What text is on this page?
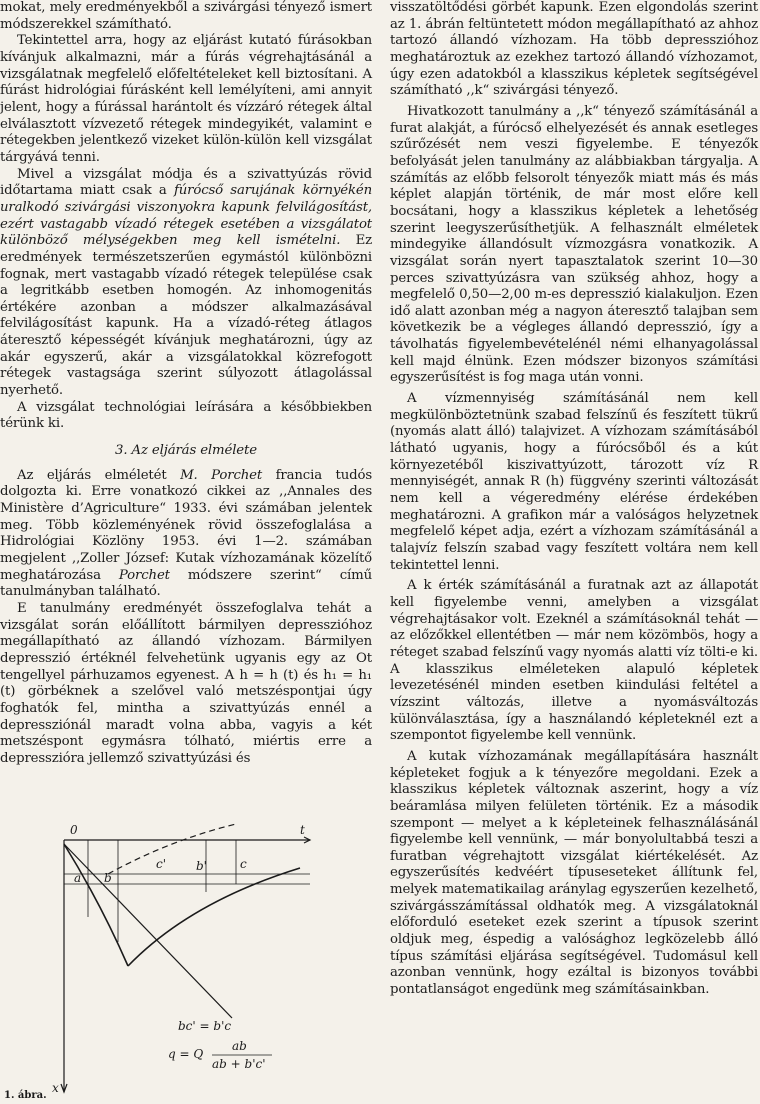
mokat, mely eredményekből a szivárgási tényező ismert módszerekkel számítható.

Tekintettel arra, hogy az eljárást kutató fúrásokban kívánjuk alkalmazni, már a fúrás végrehajtásánál a vizsgálatnak megfelelő előfeltételeket kell biztosítani. A fúrást hidrológiai fúrásként kell lemélyíteni, ami annyit jelent, hogy a fúrással harántolt és vízzáró rétegek által elválasztott vízvezető rétegek mindegyikét, valamint e rétegekben jelentkező vizeket külön-külön kell vizsgálat tárgyává tenni.

Mivel a vizsgálat módja és a szivattyúzás rövid időtartama miatt csak a fúrócső sarujának környékén uralkodó szivárgási viszonyokra kapunk felvilágosítást, ezért vastagabb vízadó rétegek esetében a vizsgálatot különböző mélységekben meg kell ismételni. Ez eredmények természetszerűen egymástól különbözni fognak, mert vastagabb vízadó rétegek települése csak a legritkább esetben homogén. Az inhomogenitás értékére azonban a módszer alkalmazásával felvilágosítást kapunk. Ha a vízadó-réteg átlagos áteresztő képességét kívánjuk meghatározni, úgy az akár egyszerű, akár a vizsgálatokkal közrefogott rétegek vastagsága szerint súlyozott átlagolással nyerhető.

A vizsgálat technológiai leírására a későbbiekben térünk ki.

3. Az eljárás elmélete

Az eljárás elméletét M. Porchet francia tudós dolgozta ki. Erre vonatkozó cikkei az ,,Annales des Ministère d’Agriculture“ 1933. évi számában jelentek meg. Több közleményének rövid összefoglalása a Hidrológiai Közlöny 1953. évi 1—2. számában megjelent ,,Zoller József: Kutak vízhozamának közelítő meghatározása Porchet módszere szerint“ című tanulmányban található.

E tanulmány eredményét összefoglalva tehát a vizsgálat során előállított bármilyen depresszióhoz megállapítható az állandó vízhozam. Bármilyen depresszió értéknél felvehetünk ugyanis egy az Ot tengellyel párhuzamos egyenest. A h = h (t) és h₁ = h₁ (t) görbéknek a szelővel való metszéspontjai úgy foghatók fel, mintha a szivattyúzás ennél a depressziónál maradt volna abba, vagyis a két metszéspont egymásra tólható, miértis erre a depresszióra jellemző szivattyúzási és

0	t
x
a b
b'	c
c'
bc' = b'c
q = Q
ab
ab + b'c'
1. ábra.

visszatöltődési görbét kapunk. Ezen elgondolás szerint az 1. ábrán feltüntetett módon megállapítható az ahhoz tartozó állandó vízhozam. Ha több depresszióhoz meghatároztuk az ezekhez tartozó állandó vízhozamot, úgy ezen adatokból a klasszikus képletek segítségével számítható ,,k“ szivárgási tényező.

Hivatkozott tanulmány a ,,k“ tényező számításánál a furat alakját, a fúrócső elhelyezését és annak esetleges szűrőzését nem veszi figyelembe. E tényezők befolyását jelen tanulmány az alábbiakban tárgyalja. A számítás az előbb felsorolt tényezők miatt más és más képlet alapján történik, de már most előre kell bocsátani, hogy a klasszikus képletek a lehetőség szerint leegyszerűsíthetjük. A felhasznált elméletek mindegyike állandósult vízmozgásra vonatkozik. A vizsgálat során nyert tapasztalatok szerint 10—30 perces szivattyúzásra van szükség ahhoz, hogy a megfelelő 0,50—2,00 m-es depresszió kialakuljon. Ezen idő alatt azonban még a nagyon áteresztő talajban sem következik be a végleges állandó depresszió, így a távolhatás figyelembevételénél némi elhanyagolással kell majd élnünk. Ezen módszer bizonyos számítási egyszerűsítést is fog maga után vonni.

A vízmennyiség számításánál nem kell megkülönböztetnünk szabad felszínű és feszített tükrű (nyomás alatt álló) talajvizet. A vízhozam számításából látható ugyanis, hogy a fúrócsőből és a kút környezetéből kiszivattyúzott, tározott víz R mennyiségét, annak R (h) függvény szerinti változását nem kell a végeredmény elérése érdekében meghatározni. A grafikon már a valóságos helyzetnek megfelelő képet adja, ezért a vízhozam számításánál a talajvíz felszín szabad vagy feszített voltára nem kell tekintettel lenni.

A k érték számításánál a furatnak azt az állapotát kell figyelembe venni, amelyben a vizsgálat végrehajtásakor volt. Ezeknél a számításoknál tehát — az előzőkkel ellentétben — már nem közömbös, hogy a réteget szabad felszínű vagy nyomás alatti víz tölti-e ki. A klasszikus elméleteken alapuló képletek levezetésénél minden esetben kiindulási feltétel a vízszint változás, illetve a nyomásváltozás különválasztása, így a használandó képleteknél ezt a szempontot figyelembe kell vennünk.

A kutak vízhozamának megállapítására használt képleteket fogjuk a k tényezőre megoldani. Ezek a klasszikus képletek változnak aszerint, hogy a víz beáramlása milyen felületen történik. Ez a második szempont — melyet a k képleteinek felhasználásánál figyelembe kell vennünk, — már bonyolultabbá teszi a furatban végrehajtott vizsgálat kiértékelését. Az egyszerűsítés kedvéért típuseseteket állítunk fel, melyek matematikailag aránylag egyszerűen kezelhető, szivárgásszámítással oldhatók meg. A vizsgálatoknál előforduló eseteket ezek szerint a típusok szerint oldjuk meg, éspedig a valósághoz legközelebb álló típus számítási eljárása segítségével. Tudomásul kell azonban vennünk, hogy ezáltal is bizonyos további pontatlanságot engedünk meg számításainkban.
